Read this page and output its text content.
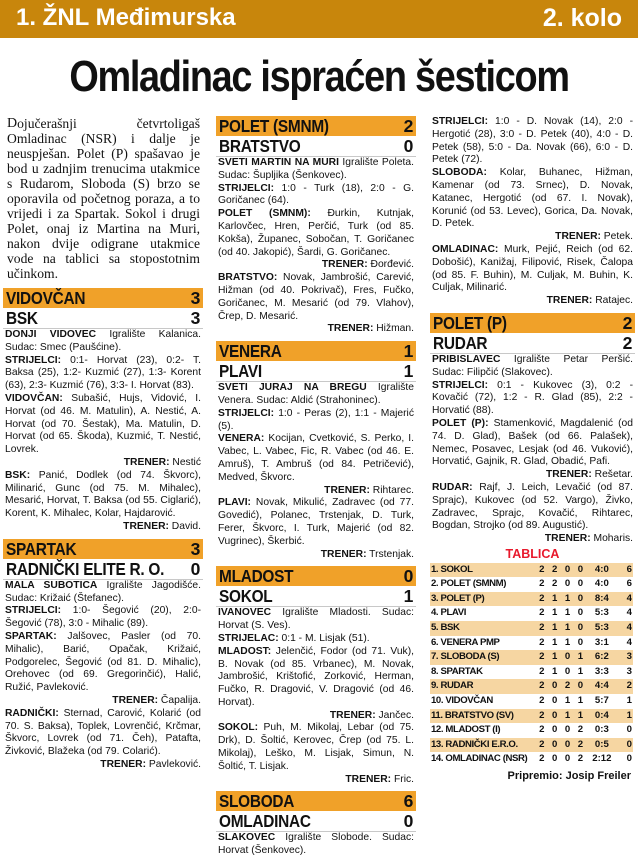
1. ŽNL Međimurska	2. kolo
Omladinac ispraćen šesticom
D ojučerašnji četvrtoligaš Omladinac (NSR) i dalje je neuspješan. Polet (P) spašavao je bod u zadnjim trenucima utakmice s Rudarom, Sloboda (S) brzo se oporavila od početnog poraza, a to vrijedi i za Spartak. Sokol i drugi Polet, onaj iz Martina na Muri, nakon dvije odigrane utakmice vode na tablici sa stopostotnim učinkom.
VIDOVČAN	3
BSK	3

DONJI VIDOVEC Igralište Kalanica. Sudac: Smec (Paušćine).

STRIJELCI: 0:1- Horvat (23), 0:2- T. Baksa (25), 1:2- Kuzmić (27), 1:3- Korent (63), 2:3- Kuzmić (76), 3:3- I. Horvat (83).

VIDOVČAN: Subašić, Hujs, Vidović, I. Horvat (od 46. M. Matulin), A. Nestić, A. Horvat (od 70. Šestak), Ma. Matulin, D. Horvat (od 65. Škoda), Kuzmić, T. Nestić, Lovrek.

TRENER: Nestić

BSK: Panić, Dodlek (od 74. Škvorc), Milinarić, Gunc (od 75. M. Mihalec), Mesarić, Horvat, T. Baksa (od 55. Ciglarić), Korent, K. Mihalec, Kolar, Hajdarović.

TRENER: David.

SPARTAK	3
RADNIČKI ELITE R. O. 0

MALA SUBOTICA Igralište Jagodišće. Sudac: Križaić (Štefanec).

STRIJELCI: 1:0- Šegović (20), 2:0- Šegović (78), 3:0 - Mihalic (89).

SPARTAK: Jalšovec, Pasler (od 70. Mihalic), Barić, Opačak, Križaić, Podgorelec, Šegović (od 81. D. Mihalic), Orehovec (od 69. Gregorinčić), Halić, Ružić, Pavleković.

TRENER: Čapalija.

RADNIČKI: Sternad, Carović, Kolarić (od 70. S. Baksa), Toplek, Lovrenčić, Krčmar, Škvorc, Lovrek (od 71. Čeh), Patafta, Živković, Blažeka (od 79. Colarić).

TRENER: Pavleković.

POLET (SMNM)	2
BRATSTVO	0

SVETI MARTIN NA MURI Igralište Poleta. Sudac: Šupljika (Šenkovec).

STRIJELCI: 1:0 - Turk (18), 2:0 - G. Goričanec (64).

POLET (SMNM): Đurkin, Kutnjak, Karlovčec, Hren, Perčić, Turk (od 85. Kokša), Županec, Sobočan, T. Goričanec (od 40. Jakopić), Šardi, G. Goričanec.

TRENER: Đorđević.

BRATSTVO: Novak, Jambrošić, Carević, Hižman (od 40. Pokrivač), Fres, Fučko, Goričanec, M. Mesarić (od 79. Vlahov), Črep, D. Mesarić.

TRENER: Hižman.

VENERA	1
PLAVI	1

SVETI JURAJ NA BREGU Igralište Venera. Sudac: Aldić (Strahoninec).

STRIJELCI: 1:0 - Peras (2), 1:1 - Majerić (5).

VENERA: Kocijan, Cvetković, S. Perko, I. Vabec, L. Vabec, Fic, R. Vabec (od 46. E. Amruš), T. Ambruš (od 84. Petričević), Medved, Škvorc.

TRENER: Rihtarec.

PLAVI: Novak, Mikulić, Zadravec (od 77. Govedić), Polanec, Trstenjak, D. Turk, Ferer, Škvorc, I. Turk, Majerić (od 82. Vugrinec), Škerbić.

TRENER: Trstenjak.

MLADOST	0
SOKOL	1

IVANOVEC Igralište Mladosti. Sudac: Horvat (S. Ves).

STRIJELAC: 0:1 - M. Lisjak (51).

MLADOST: Jelenčić, Fodor (od 71. Vuk), B. Novak (od 85. Vrbanec), M. Novak, Jambrošić, Krištofić, Zorković, Herman, Fučko, R. Dragović, V. Dragović (od 46. Horvat).

TRENER: Jančec.

SOKOL: Puh, M. Mikolaj, Lebar (od 75. Drk), D. Šoltić, Kerovec, Črep (od 75. L. Mikolaj), Leško, M. Lisjak, Simun, N. Šoltić, T. Lisjak.

TRENER: Fric.

SLOBODA	6
OMLADINAC	0

SLAKOVEC Igralište Slobode. Sudac: Horvat (Šenkovec).

STRIJELCI: 1:0 - D. Novak (14), 2:0 - Hergotić (28), 3:0 - D. Petek (40), 4:0 - D. Petek (58), 5:0 - Da. Novak (66), 6:0 - D. Petek (72).

SLOBODA: Kolar, Buhanec, Hižman, Kamenar (od 73. Srnec), D. Novak, Katanec, Hergotić (od 67. I. Novak), Korunić (od 53. Levec), Gorica, Da. Novak, D. Petek.

TRENER: Petek.

OMLADINAC: Murk, Pejić, Reich (od 62. Dobošić), Kanižaj, Filipović, Risek, Čalopa (od 85. F. Buhin), M. Culjak, M. Buhin, K. Culjak, Milinarić.

TRENER: Ratajec.

POLET (P)	2
RUDAR	2

PRIBISLAVEC Igralište Petar Peršić. Sudac: Filipčić (Slakovec).

STRIJELCI: 0:1 - Kukovec (3), 0:2 - Kovačić (72), 1:2 - R. Glad (85), 2:2 - Horvatić (88).

POLET (P): Stamenković, Magdalenić (od 74. D. Glad), Bašek (od 66. Palašek), Nemec, Posavec, Lesjak (od 46. Vuković), Horvatić, Gajnik, R. Glad, Obadić, Pafi.

TRENER: Rešetar.

RUDAR: Rajf, J. Leich, Levačić (od 87. Sprajc), Kukovec (od 52. Vargo), Živko, Zadravec, Sprajc, Kovačić, Rihtarec, Bogdan, Strojko (od 89. Augustić).

TRENER: Moharis.

TABLICA
1. SOKOL	2	2	0	0	4:0	6
2. POLET (SMNM)	2	2	0	0	4:0	6
3. POLET (P)	2	1	1	0	8:4	4
4. PLAVI	2	1	1	0	5:3	4
5. BSK	2	1	1	0	5:3	4
6. VENERA PMP	2	1	1	0	3:1	4
7. SLOBODA (S)	2	1	0	1	6:2	3
8. SPARTAK	2	1	0	1	3:3	3
9. RUDAR	2	0	2	0	4:4	2
10. VIDOVČAN	2	0	1	1	5:7	1
11. BRATSTVO (SV)	2	0	1	1	0:4	1
12. MLADOST (I)	2	0	0	2	0:3	0
13. RADNIČKI E.R.O.	2	0	0	2	0:5	0
14. OMLADINAC (NSR)	2	0	0	2	2:12	0
Pripremio: Josip Freiler
